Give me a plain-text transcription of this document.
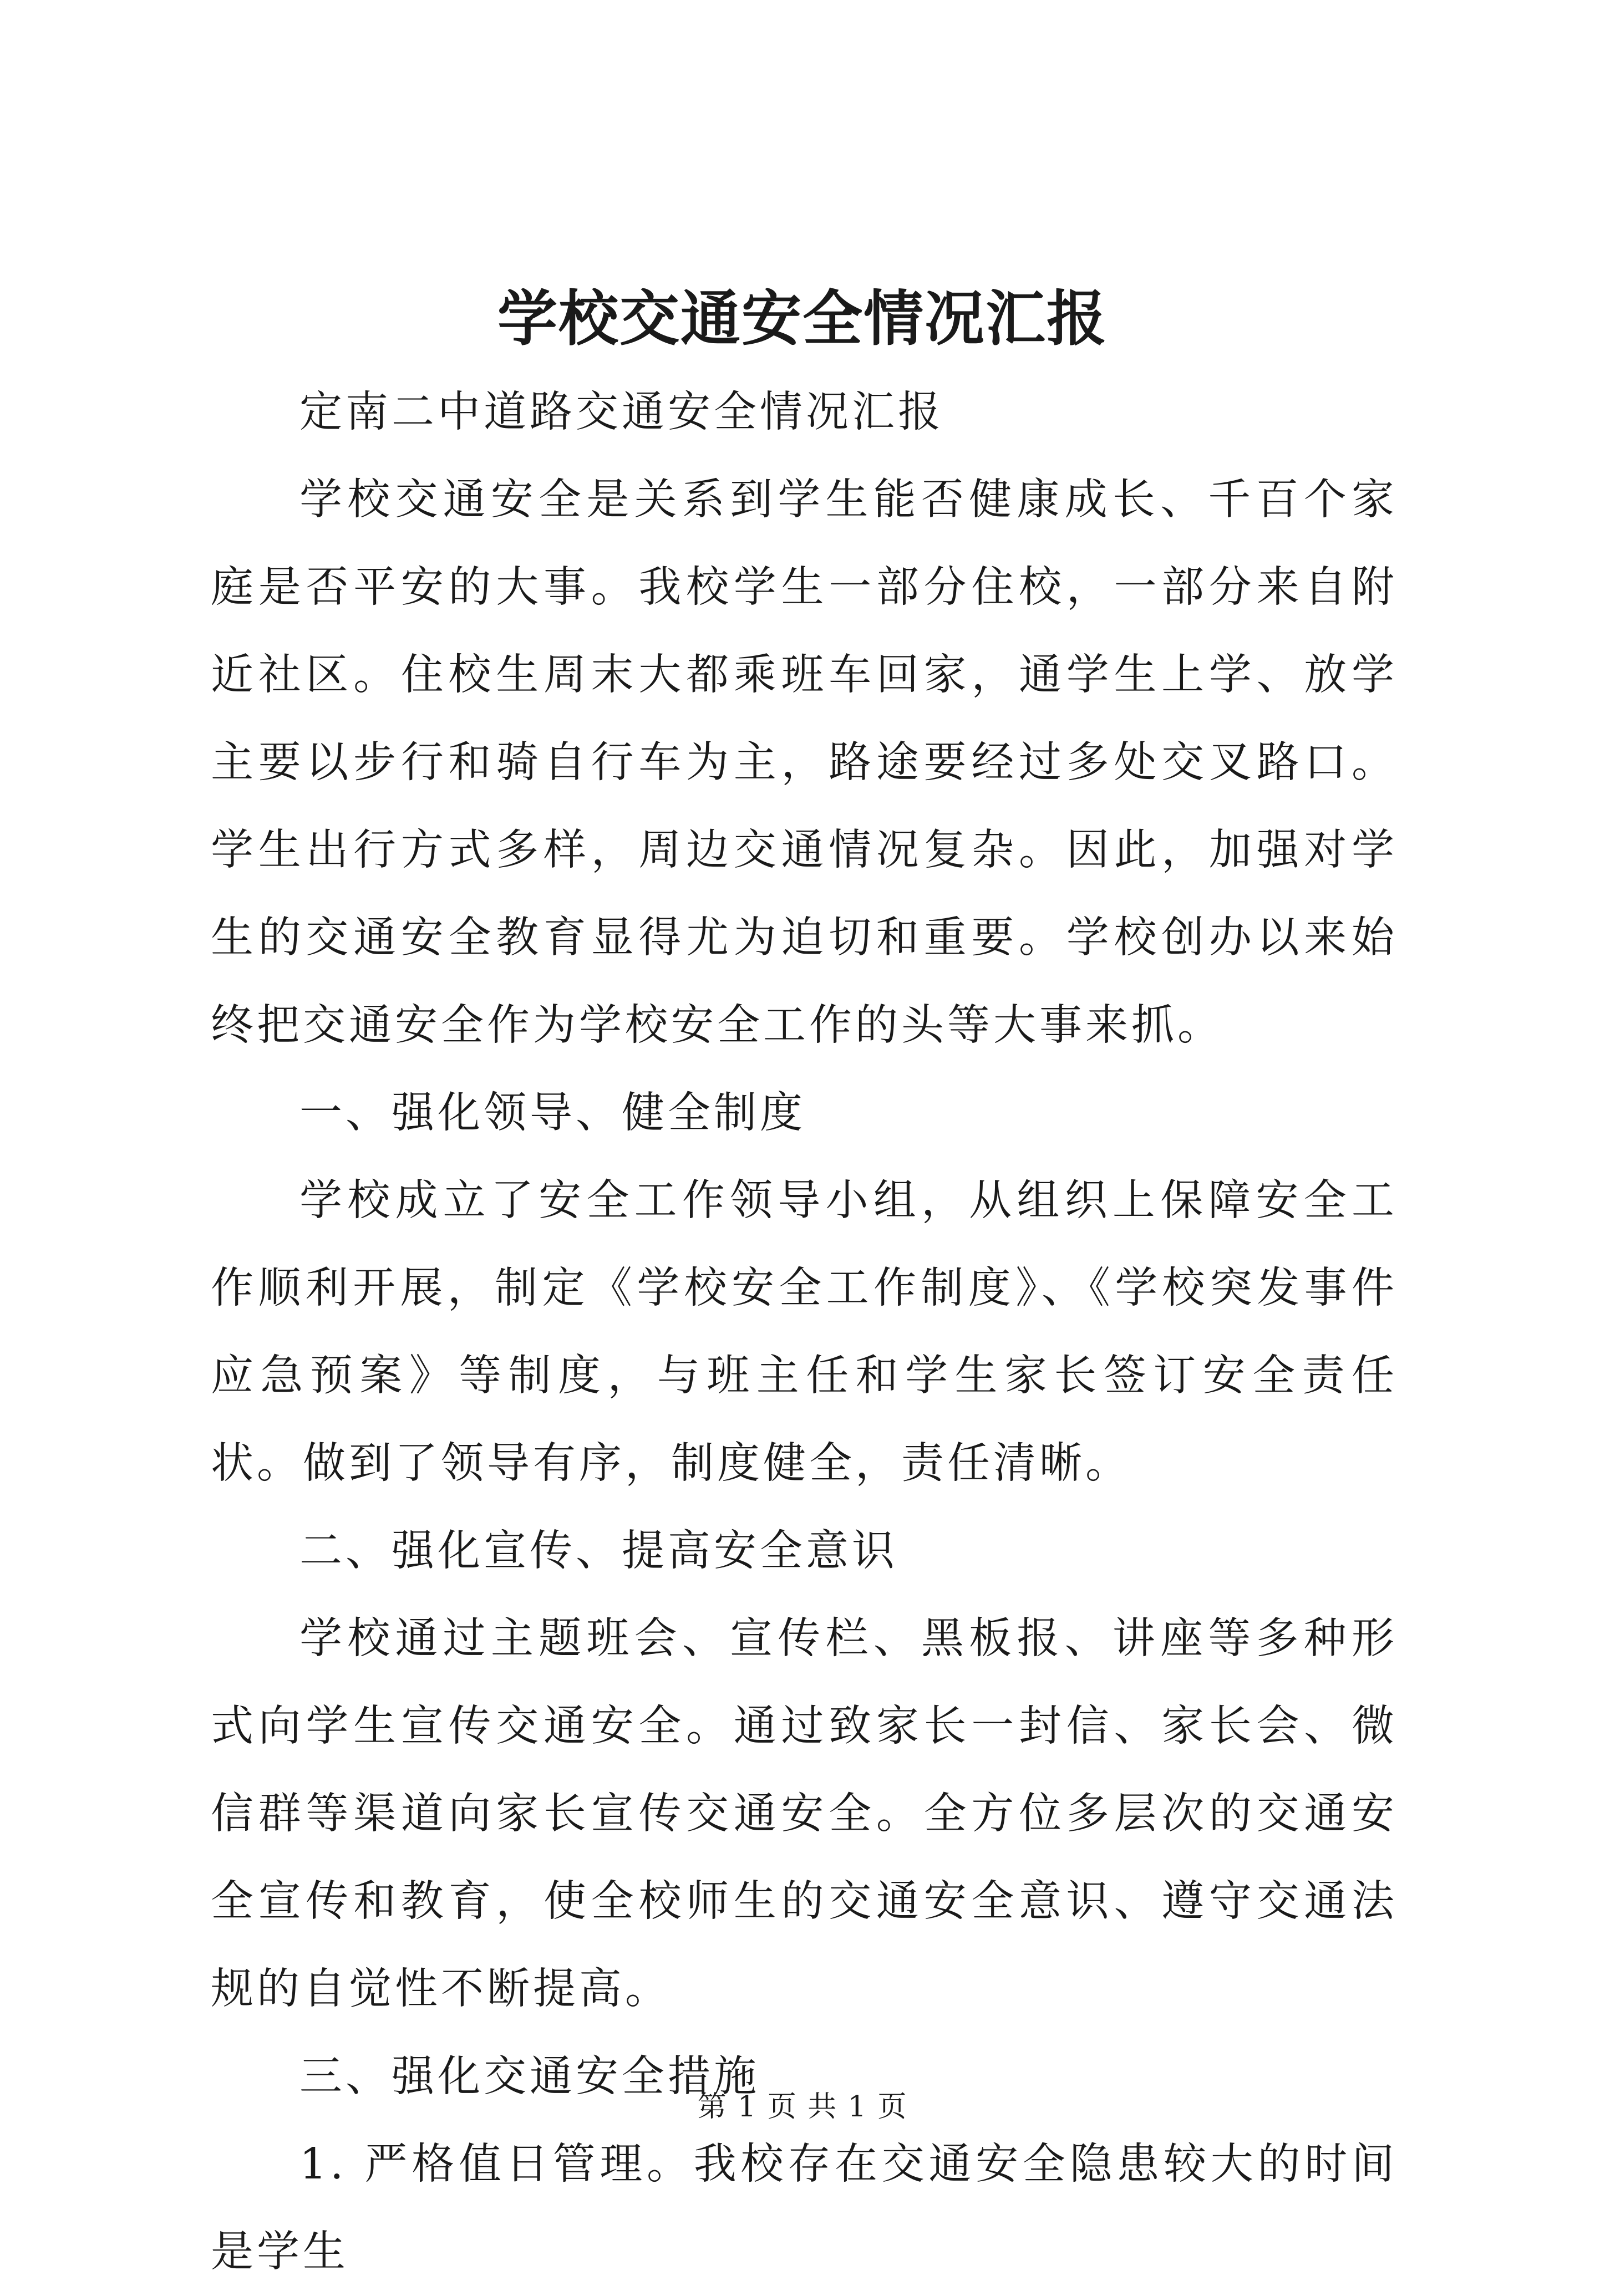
学校交通安全情况汇报

定南二中道路交通安全情况汇报

学校交通安全是关系到学生能否健康成长、千百个家庭是否平安的大事。我校学生一部分住校，一部分来自附近社区。住校生周末大都乘班车回家，通学生上学、放学主要以步行和骑自行车为主，路途要经过多处交叉路口。学生出行方式多样，周边交通情况复杂。因此，加强对学生的交通安全教育显得尤为迫切和重要。学校创办以来始终把交通安全作为学校安全工作的头等大事来抓。

一、强化领导、健全制度

学校成立了安全工作领导小组，从组织上保障安全工作顺利开展，制定《学校安全工作制度》、《学校突发事件应急预案》等制度，与班主任和学生家长签订安全责任状。做到了领导有序，制度健全，责任清晰。

二、强化宣传、提高安全意识

学校通过主题班会、宣传栏、黑板报、讲座等多种形式向学生宣传交通安全。通过致家长一封信、家长会、微信群等渠道向家长宣传交通安全。全方位多层次的交通安全宣传和教育，使全校师生的交通安全意识、遵守交通法规的自觉性不断提高。

三、强化交通安全措施

1. 严格值日管理。我校存在交通安全隐患较大的时间是学生

第 1 页 共 1 页
